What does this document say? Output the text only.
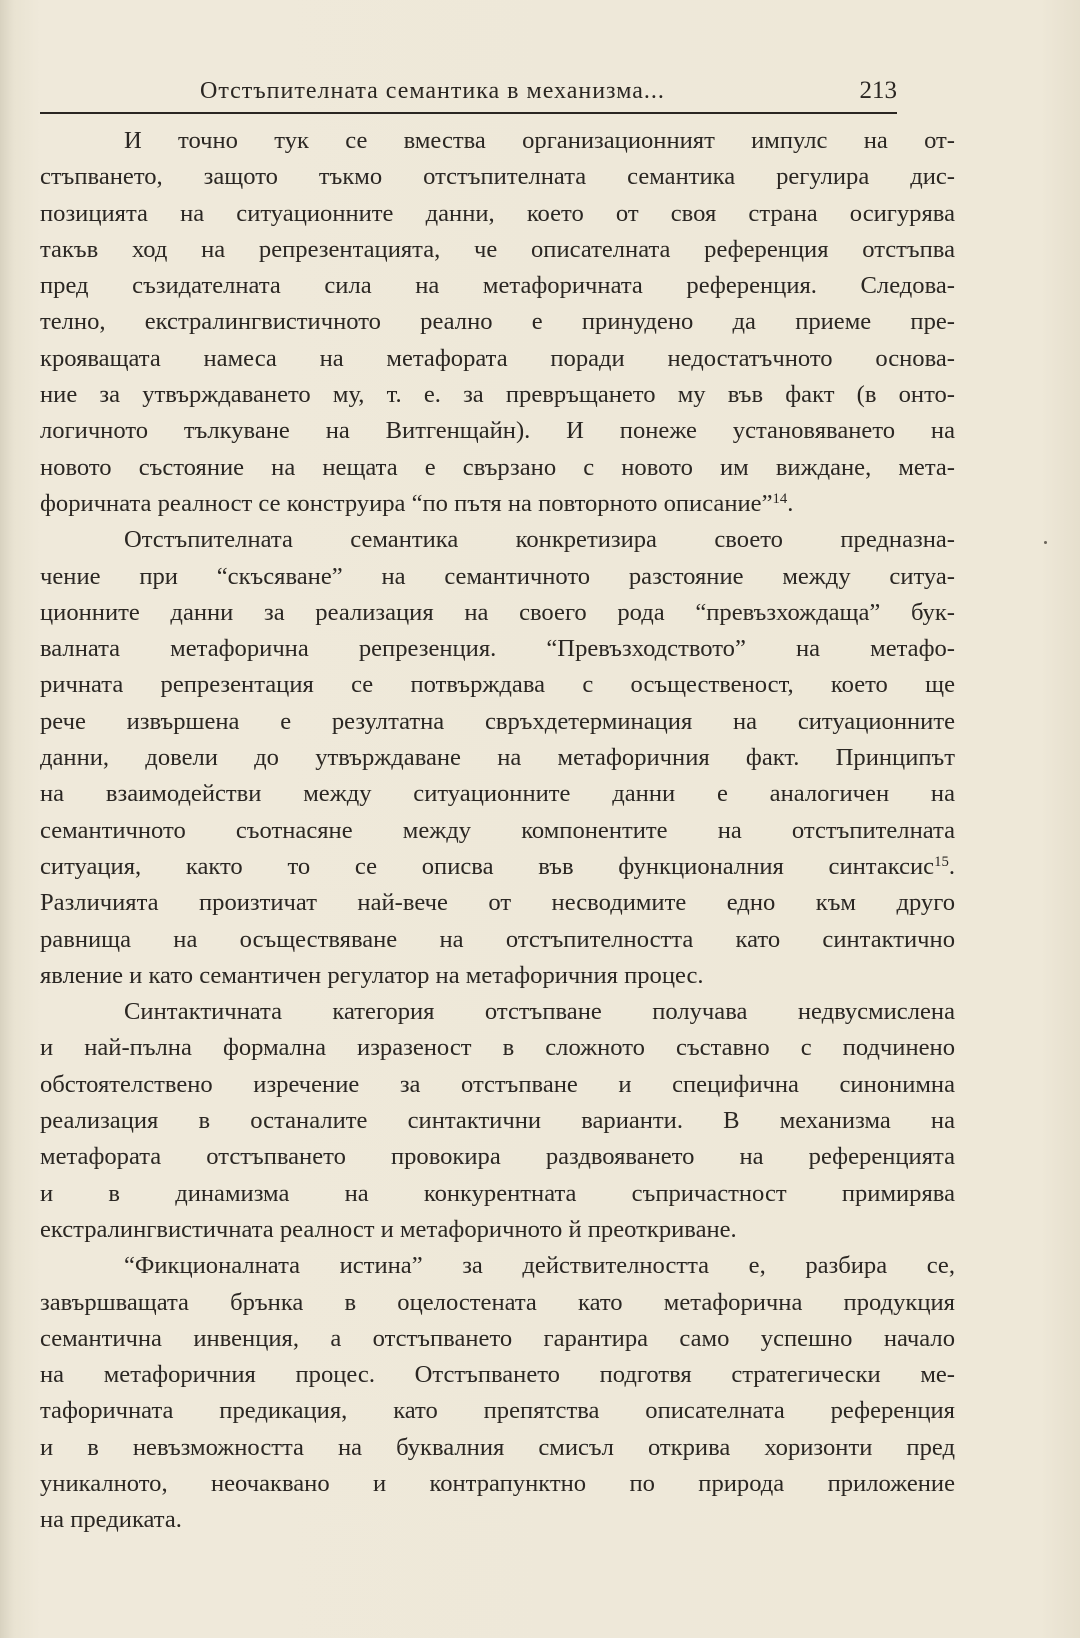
Отстъпителната семантика в механизма...	213
И точно тук се вмества организационният импулс на от-
стъпването, защото тъкмо отстъпителната семантика регулира дис-
позицията на ситуационните данни, което от своя страна осигурява
такъв ход на репрезентацията, че описателната референция отстъпва
пред съзидателната сила на метафоричната референция. Следова-
телно, екстралингвистичното реално е принудено да приеме пре-
крояващата намеса на метафората поради недостатъчното основа-
ние за утвърждаването му, т. е. за превръщането му във факт (в онто-
логичното тълкуване на Витгенщайн). И понеже установяването на
новото състояние на нещата е свързано с новото им виждане, мета-
форичната реалност се конструира “по пътя на повторното описание”$^{14}$.
Отстъпителната семантика конкретизира своето предназна-
чение при “скъсяване” на семантичното разстояние между ситуа-
ционните данни за реализация на своего рода “превъзхождаща” бук-
валната метафорична репрезенция. “Превъзходството” на метафо-
ричната репрезентация се потвърждава с осъщественост, което ще
рече извършена е резултатна свръхдетерминация на ситуационните
данни, довели до утвърждаване на метафоричния факт. Принципът
на взаимодействи между ситуационните данни е аналогичен на
семантичното съотнасяне между компонентите на отстъпителната
ситуация, както то се описва във функционалния синтаксис$^{15}$.
Различията произтичат най-вече от несводимите едно към друго
равнища на осъществяване на отстъпителността като синтактично
явление и като семантичен регулатор на метафоричния процес.
Синтактичната категория отстъпване получава недвусмислена
и най-пълна формална изразеност в сложното съставно с подчинено
обстоятелствено изречение за отстъпване и специфична синонимна
реализация в останалите синтактични варианти. В механизма на
метафората отстъпването провокира раздвояването на референцията
и в динамизма на конкурентната съпричастност примирява
екстралингвистичната реалност и метафоричното й преоткриване.
“Фикционалната истина” за действителността е, разбира се,
завършващата брънка в оцелостената като метафорична продукция
семантична инвенция, а отстъпването гарантира само успешно начало
на метафоричния процес. Отстъпването подготвя стратегически ме-
тафоричната предикация, като препятства описателната референция
и в невъзможността на буквалния смисъл открива хоризонти пред
уникалното, неочаквано и контрапунктно по природа приложение
на предиката.
